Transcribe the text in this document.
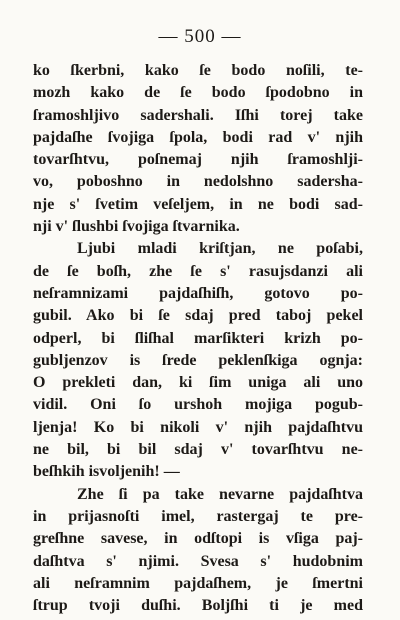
— 500 —
ko ſkerbni, kako ſe bodo noſili, te-
mozh kako de ſe bodo ſpodobno in
ſramoshljivo sadershali. Iſhi torej take
pajdaſhe ſvojiga ſpola, bodi rad v' njih
tovarſhtvu, poſnemaj njih ſramoshlji-
vo, poboshno in nedolshno sadersha-
nje s' ſvetim veſeljem, in ne bodi sad-
nji v' ſlushbi ſvojiga ſtvarnika.
Ljubi mladi kriſtjan, ne poſabi,
de ſe boſh, zhe ſe s' rasujsdanzi ali
neſramnizami pajdaſhiſh, gotovo po-
gubil. Ako bi ſe sdaj pred taboj pekel
odperl, bi ſliſhal marſikteri krizh po-
gubljenzov is ſrede peklenſkiga ognja:
O prekleti dan, ki ſim uniga ali uno
vidil. Oni ſo urshoh mojiga pogub-
ljenja! Ko bi nikoli v' njih pajdaſhtvu
ne bil, bi bil sdaj v' tovarſhtvu ne-
beſhkih isvoljenih! —
Zhe ſi pa take nevarne pajdaſhtva
in prijasnoſti imel, rastergaj te pre-
greſhne savese, in odſtopi is vſiga paj-
daſhtva s' njimi. Svesa s' hudobnim
ali neſramnim pajdaſhem, je ſmertni
ſtrup tvoji duſhi. Boljſhi ti je med
